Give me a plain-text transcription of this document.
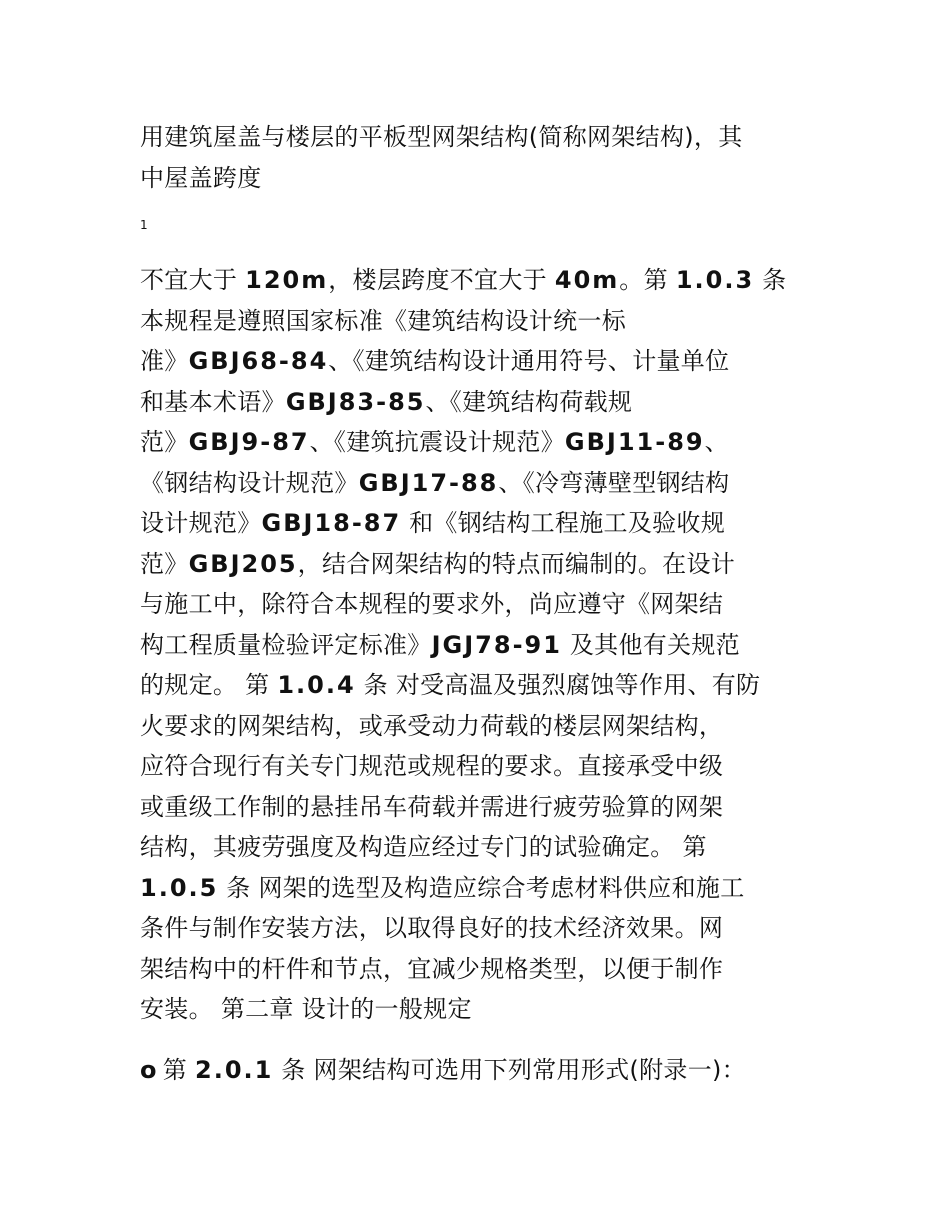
用建筑屋盖与楼层的平板型网架结构(简称网架结构)，其
中屋盖跨度
1
不宜大于 120m，楼层跨度不宜大于 40m。第 1.0.3 条
本规程是遵照国家标准《建筑结构设计统一标
准》GBJ68-84、《建筑结构设计通用符号、计量单位
和基本术语》GBJ83-85、《建筑结构荷载规
范》GBJ9-87、《建筑抗震设计规范》GBJ11-89、
《钢结构设计规范》GBJ17-88、《冷弯薄壁型钢结构
设计规范》GBJ18-87 和《钢结构工程施工及验收规
范》GBJ205，结合网架结构的特点而编制的。在设计
与施工中，除符合本规程的要求外，尚应遵守《网架结
构工程质量检验评定标准》JGJ78-91 及其他有关规范
的规定。 第 1.0.4 条 对受高温及强烈腐蚀等作用、有防
火要求的网架结构，或承受动力荷载的楼层网架结构，
应符合现行有关专门规范或规程的要求。直接承受中级
或重级工作制的悬挂吊车荷载并需进行疲劳验算的网架
结构，其疲劳强度及构造应经过专门的试验确定。 第
1.0.5 条 网架的选型及构造应综合考虑材料供应和施工
条件与制作安装方法，以取得良好的技术经济效果。网
架结构中的杆件和节点，宜减少规格类型，以便于制作
安装。 第二章 设计的一般规定
o 第 2.0.1 条 网架结构可选用下列常用形式(附录一)：
